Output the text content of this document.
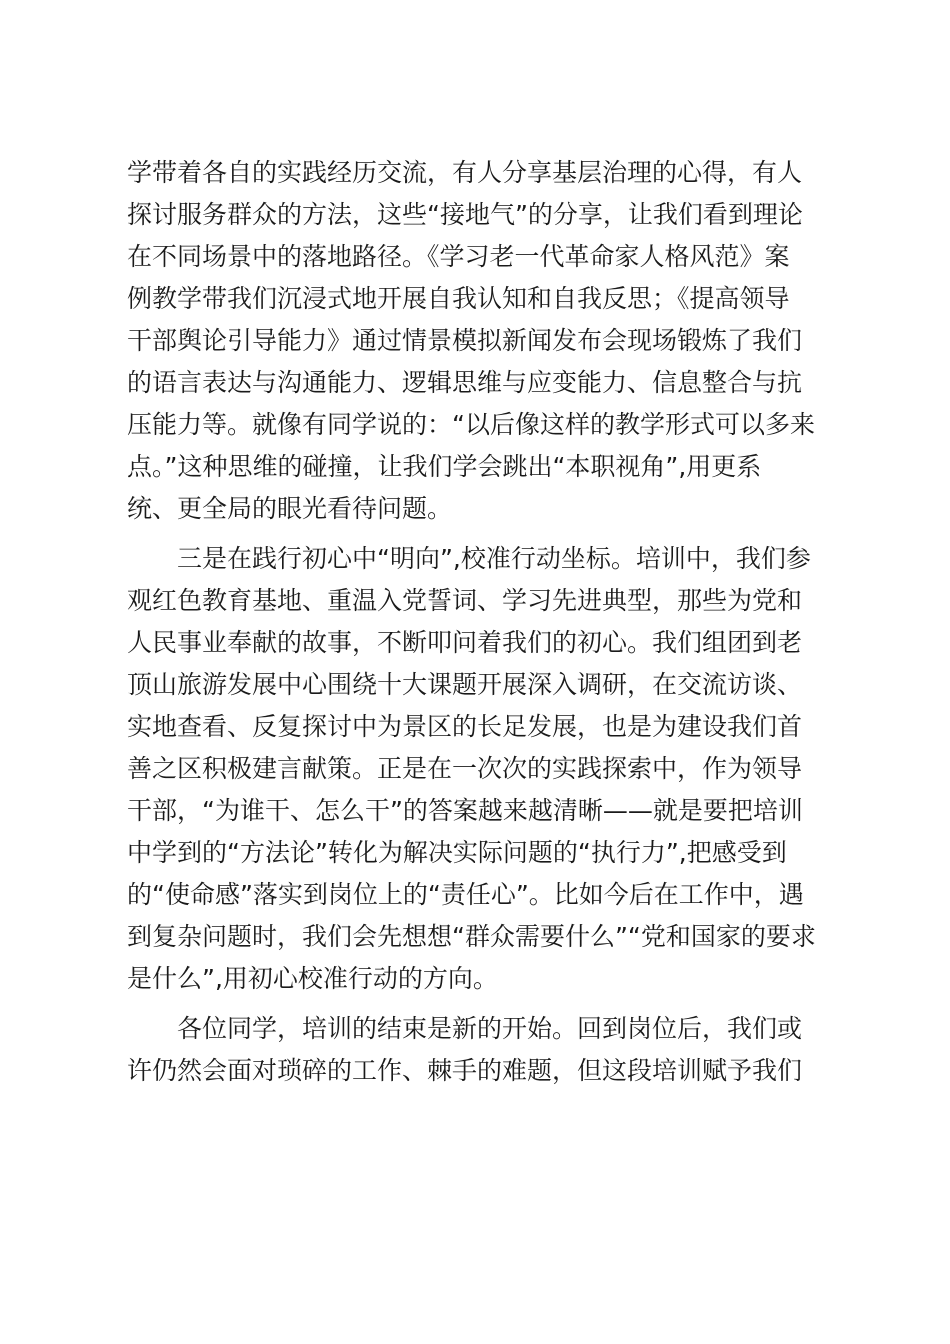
学带着各自的实践经历交流，有人分享基层治理的心得，有人
探讨服务群众的方法，这些“接地气”的分享，让我们看到理论
在不同场景中的落地路径。《学习老一代革命家人格风范》案
例教学带我们沉浸式地开展自我认知和自我反思；《提高领导
干部舆论引导能力》通过情景模拟新闻发布会现场锻炼了我们
的语言表达与沟通能力、逻辑思维与应变能力、信息整合与抗
压能力等。就像有同学说的：“以后像这样的教学形式可以多来
点。”这种思维的碰撞，让我们学会跳出“本职视角”,用更系
统、更全局的眼光看待问题。
　　三是在践行初心中“明向”,校准行动坐标。培训中，我们参
观红色教育基地、重温入党誓词、学习先进典型，那些为党和
人民事业奉献的故事，不断叩问着我们的初心。我们组团到老
顶山旅游发展中心围绕十大课题开展深入调研，在交流访谈、
实地查看、反复探讨中为景区的长足发展，也是为建设我们首
善之区积极建言献策。正是在一次次的实践探索中，作为领导
干部，“为谁干、怎么干”的答案越来越清晰——就是要把培训
中学到的“方法论”转化为解决实际问题的“执行力”,把感受到
的“使命感”落实到岗位上的“责任心”。比如今后在工作中，遇
到复杂问题时，我们会先想想“群众需要什么”“党和国家的要求
是什么”,用初心校准行动的方向。
　　各位同学，培训的结束是新的开始。回到岗位后，我们或
许仍然会面对琐碎的工作、棘手的难题，但这段培训赋予我们
